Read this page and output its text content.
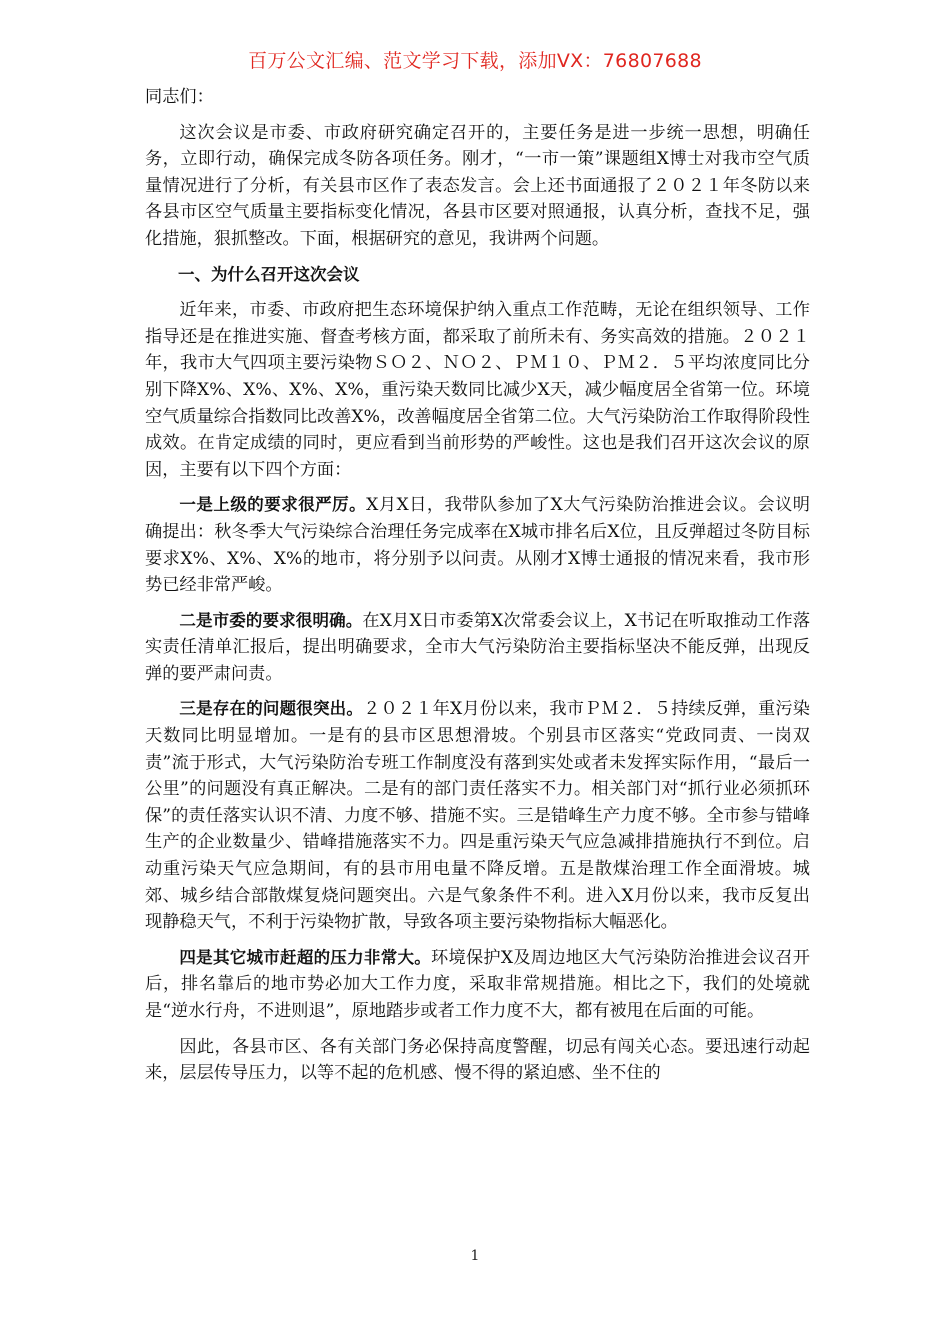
百万公文汇编、范文学习下载，添加VX：76807688

同志们：

这次会议是市委、市政府研究确定召开的，主要任务是进一步统一思想，明确任务，立即行动，确保完成冬防各项任务。刚才，“一市一策”课题组X博士对我市空气质量情况进行了分析，有关县市区作了表态发言。会上还书面通报了２０２１年冬防以来各县市区空气质量主要指标变化情况，各县市区要对照通报，认真分析，查找不足，强化措施，狠抓整改。下面，根据研究的意见，我讲两个问题。

一、为什么召开这次会议

近年来，市委、市政府把生态环境保护纳入重点工作范畴，无论在组织领导、工作指导还是在推进实施、督查考核方面，都采取了前所未有、务实高效的措施。２０２１年，我市大气四项主要污染物ＳＯ２、ＮＯ２、ＰＭ１０、ＰＭ２．５平均浓度同比分别下降X%、X%、X%、X%，重污染天数同比减少X天，减少幅度居全省第一位。环境空气质量综合指数同比改善X%，改善幅度居全省第二位。大气污染防治工作取得阶段性成效。在肯定成绩的同时，更应看到当前形势的严峻性。这也是我们召开这次会议的原因，主要有以下四个方面：

一是上级的要求很严厉。X月X日，我带队参加了X大气污染防治推进会议。会议明确提出：秋冬季大气污染综合治理任务完成率在X城市排名后X位，且反弹超过冬防目标要求X%、X%、X%的地市，将分别予以问责。从刚才X博士通报的情况来看，我市形势已经非常严峻。

二是市委的要求很明确。在X月X日市委第X次常委会议上，X书记在听取推动工作落实责任清单汇报后，提出明确要求，全市大气污染防治主要指标坚决不能反弹，出现反弹的要严肃问责。

三是存在的问题很突出。２０２１年X月份以来，我市ＰＭ２．５持续反弹，重污染天数同比明显增加。一是有的县市区思想滑坡。个别县市区落实“党政同责、一岗双责”流于形式，大气污染防治专班工作制度没有落到实处或者未发挥实际作用，“最后一公里”的问题没有真正解决。二是有的部门责任落实不力。相关部门对“抓行业必须抓环保”的责任落实认识不清、力度不够、措施不实。三是错峰生产力度不够。全市参与错峰生产的企业数量少、错峰措施落实不力。四是重污染天气应急减排措施执行不到位。启动重污染天气应急期间，有的县市用电量不降反增。五是散煤治理工作全面滑坡。城郊、城乡结合部散煤复烧问题突出。六是气象条件不利。进入X月份以来，我市反复出现静稳天气，不利于污染物扩散，导致各项主要污染物指标大幅恶化。

四是其它城市赶超的压力非常大。环境保护X及周边地区大气污染防治推进会议召开后，排名靠后的地市势必加大工作力度，采取非常规措施。相比之下，我们的处境就是“逆水行舟，不进则退”，原地踏步或者工作力度不大，都有被甩在后面的可能。

因此，各县市区、各有关部门务必保持高度警醒，切忌有闯关心态。要迅速行动起来，层层传导压力，以等不起的危机感、慢不得的紧迫感、坐不住的

1
